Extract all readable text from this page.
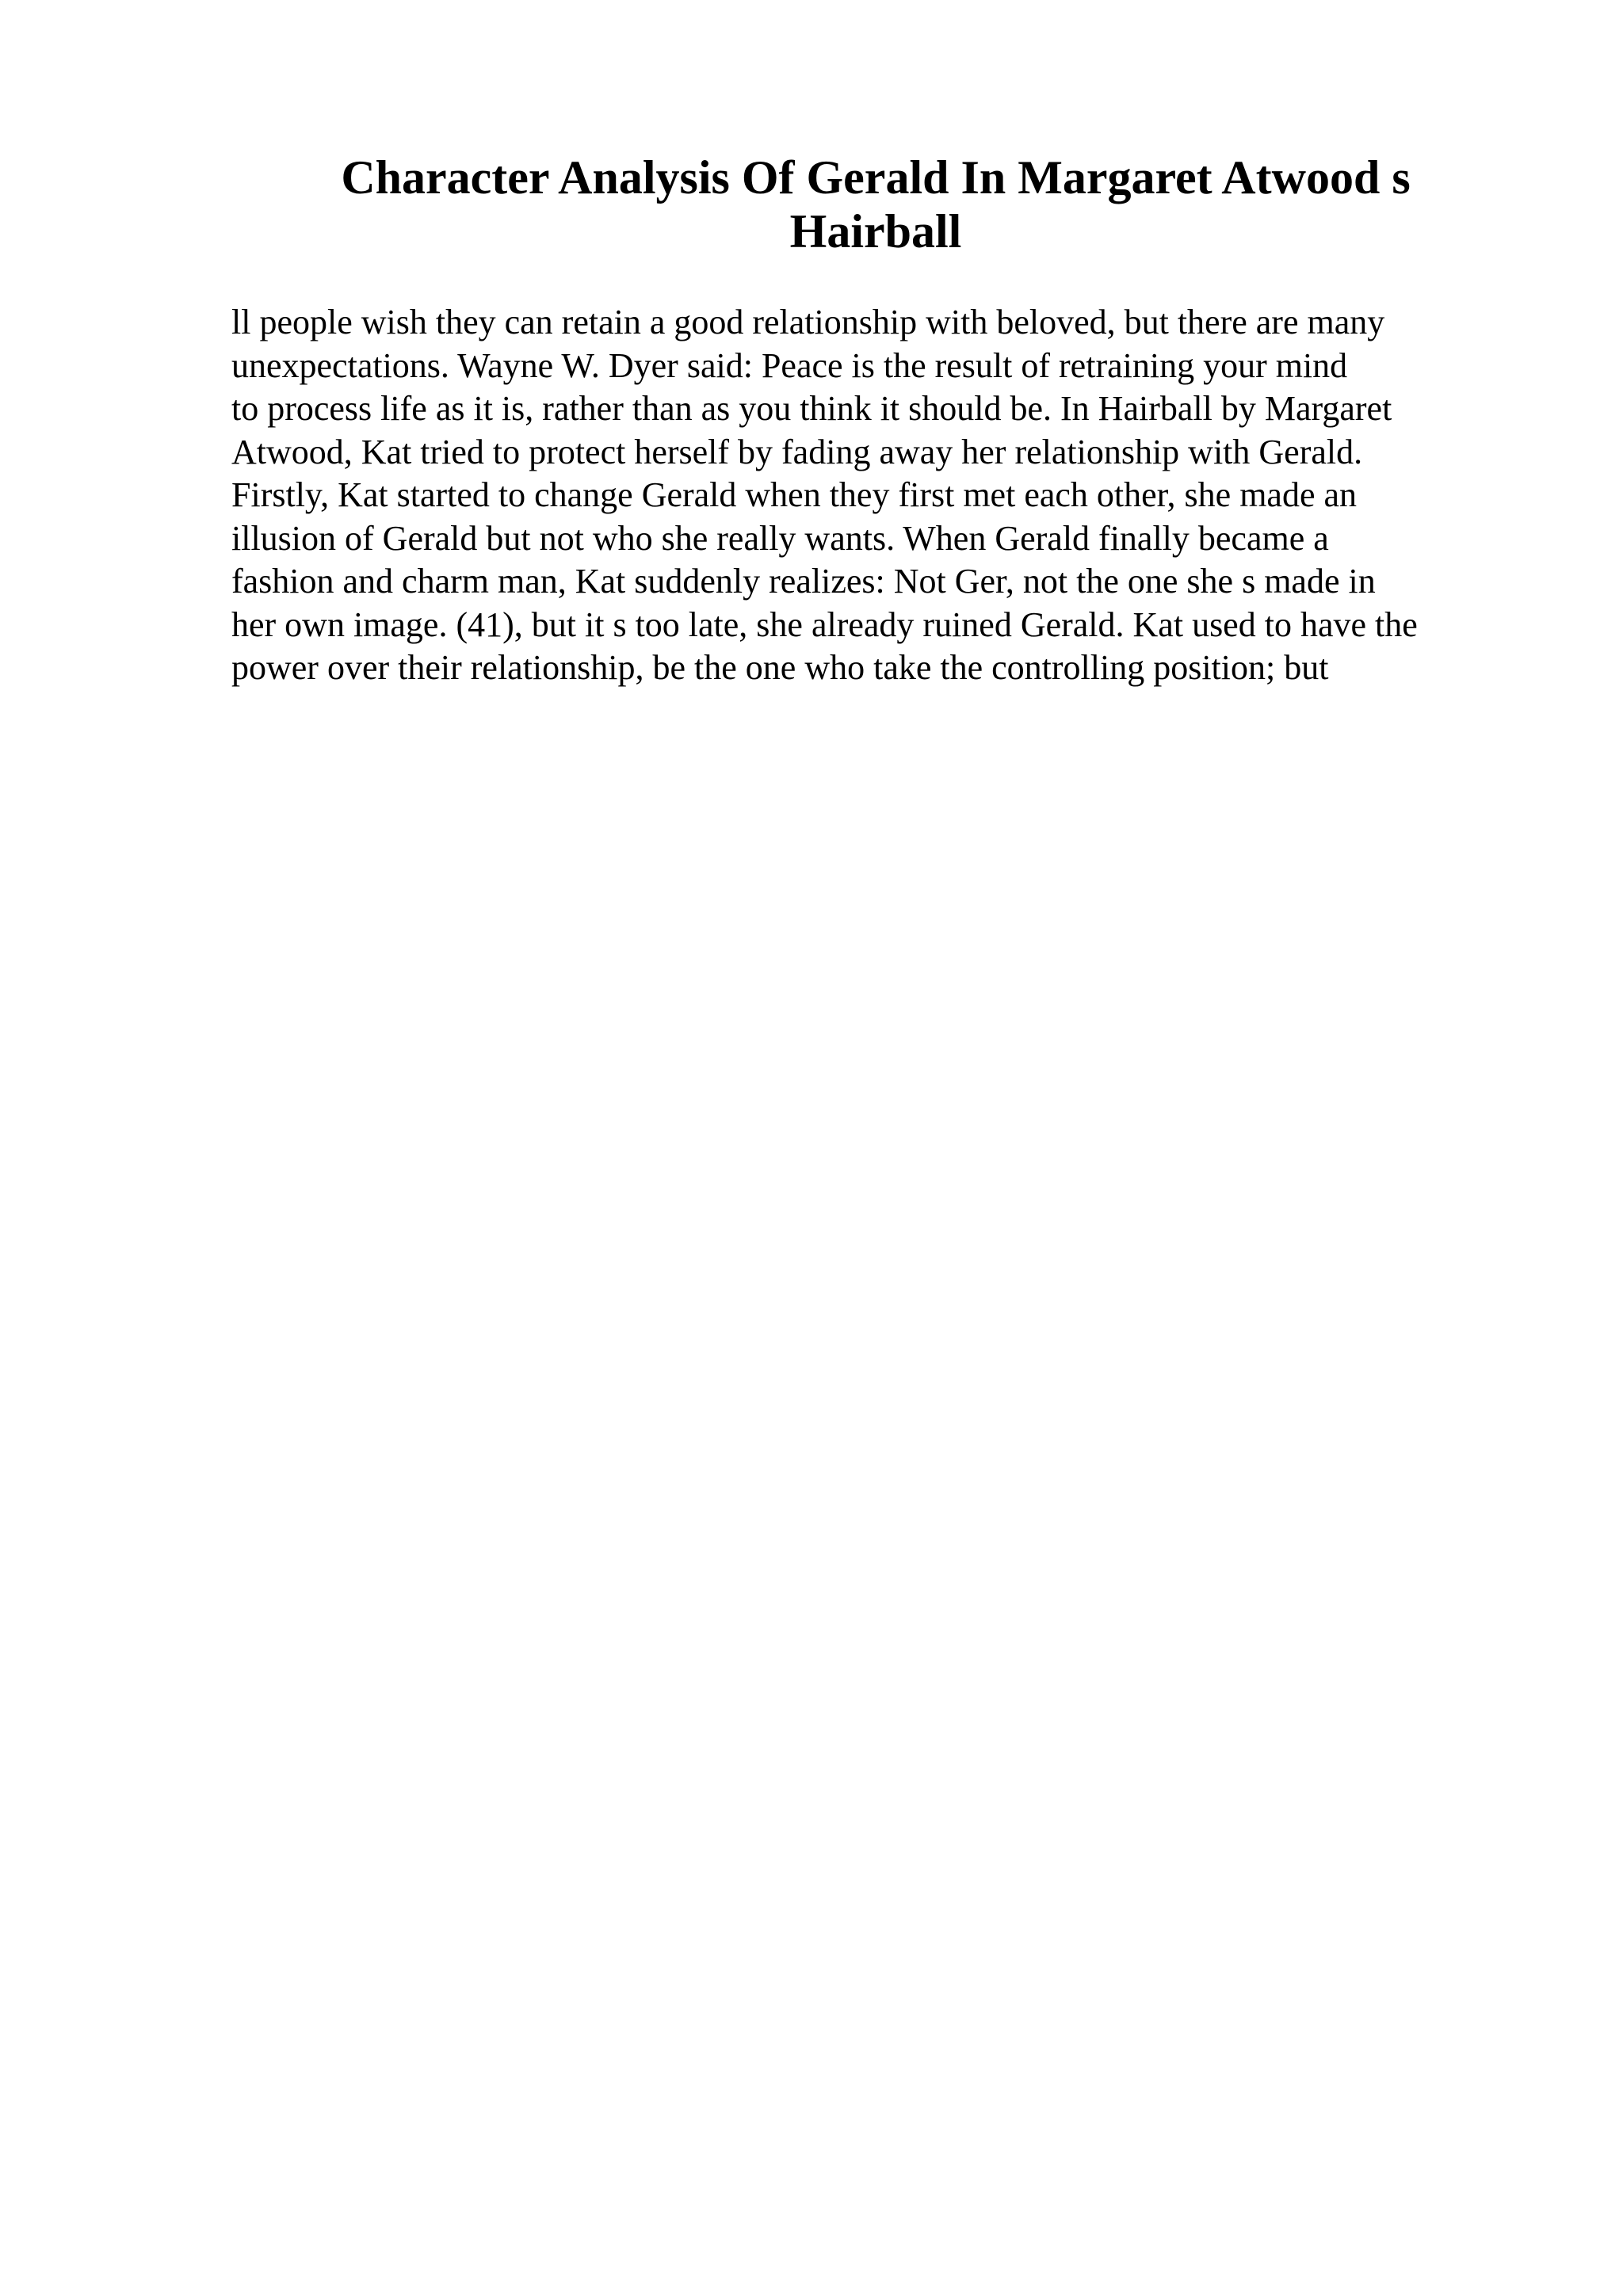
Character Analysis Of Gerald In Margaret Atwood s
Hairball
ll people wish they can retain a good relationship with beloved, but there are many
unexpectations. Wayne W. Dyer said: Peace is the result of retraining your mind
to process life as it is, rather than as you think it should be. In Hairball by Margaret
Atwood, Kat tried to protect herself by fading away her relationship with Gerald.
Firstly, Kat started to change Gerald when they first met each other, she made an
illusion of Gerald but not who she really wants. When Gerald finally became a
fashion and charm man, Kat suddenly realizes: Not Ger, not the one she s made in
her own image. (41), but it s too late, she already ruined Gerald. Kat used to have the
power over their relationship, be the one who take the controlling position; but
